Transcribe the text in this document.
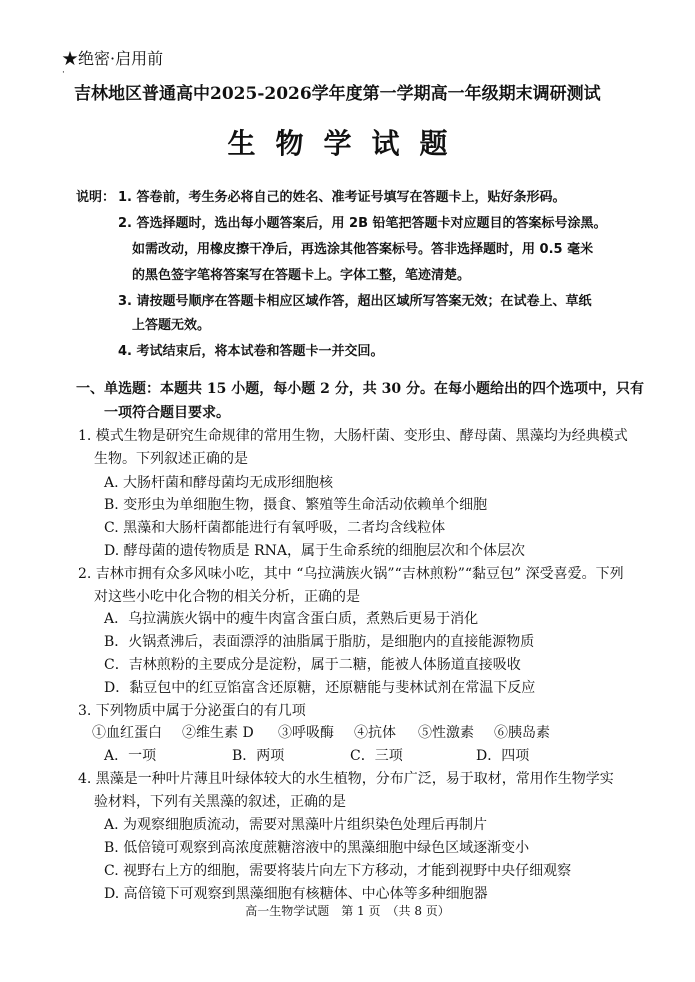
★绝密·启用前
·
吉林地区普通高中2025-2026学年度第一学期高一年级期末调研测试
生物学试题
说明： 1. 答卷前，考生务必将自己的姓名、准考证号填写在答题卡上，贴好条形码。
2. 答选择题时，选出每小题答案后，用 2B 铅笔把答题卡对应题目的答案标号涂黑。
如需改动，用橡皮擦干净后，再选涂其他答案标号。答非选择题时，用 0.5 毫米
的黑色签字笔将答案写在答题卡上。字体工整，笔迹清楚。
3. 请按题号顺序在答题卡相应区域作答，超出区域所写答案无效；在试卷上、草纸
上答题无效。
4. 考试结束后，将本试卷和答题卡一并交回。
一、单选题：本题共 15 小题，每小题 2 分，共 30 分。在每小题给出的四个选项中，只有
一项符合题目要求。
1. 模式生物是研究生命规律的常用生物，大肠杆菌、变形虫、酵母菌、黑藻均为经典模式
生物。下列叙述正确的是
A. 大肠杆菌和酵母菌均无成形细胞核
B. 变形虫为单细胞生物，摄食、繁殖等生命活动依赖单个细胞
C. 黑藻和大肠杆菌都能进行有氧呼吸，二者均含线粒体
D. 酵母菌的遗传物质是 RNA，属于生命系统的细胞层次和个体层次
2. 吉林市拥有众多风味小吃，其中 “乌拉满族火锅”“吉林煎粉”“黏豆包” 深受喜爱。下列
对这些小吃中化合物的相关分析，正确的是
A．乌拉满族火锅中的瘦牛肉富含蛋白质，煮熟后更易于消化
B．火锅煮沸后，表面漂浮的油脂属于脂肪，是细胞内的直接能源物质
C．吉林煎粉的主要成分是淀粉，属于二糖，能被人体肠道直接吸收
D．黏豆包中的红豆馅富含还原糖，还原糖能与斐林试剂在常温下反应
3. 下列物质中属于分泌蛋白的有几项
①血红蛋白 ②维生素 D ③呼吸酶 ④抗体 ⑤性激素 ⑥胰岛素
A．一项	B．两项	C．三项	D．四项
4. 黑藻是一种叶片薄且叶绿体较大的水生植物，分布广泛，易于取材，常用作生物学实
验材料，下列有关黑藻的叙述，正确的是
A. 为观察细胞质流动，需要对黑藻叶片组织染色处理后再制片
B. 低倍镜可观察到高浓度蔗糖溶液中的黑藻细胞中绿色区域逐渐变小
C. 视野右上方的细胞，需要将装片向左下方移动，才能到视野中央仔细观察
D. 高倍镜下可观察到黑藻细胞有核糖体、中心体等多种细胞器
高一生物学试题　第 1 页　（共 8 页）
